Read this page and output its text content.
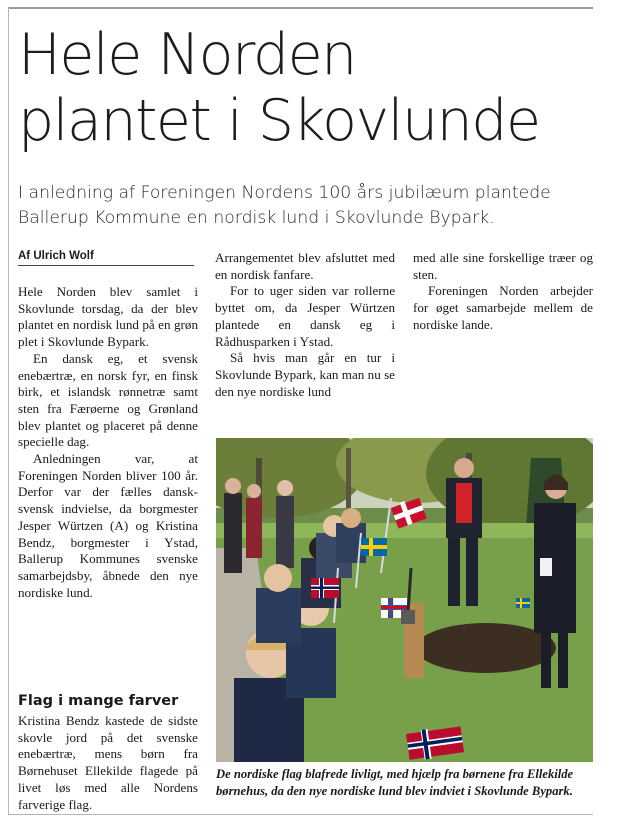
Hele Norden
plantet i Skovlunde

I anledning af Foreningen Nordens 100 års jubilæum plantede Ballerup Kommune en nordisk lund i Skovlunde Bypark.

Af Ulrich Wolf

Hele Norden blev samlet i Skovlunde torsdag, da der blev plantet en nordisk lund på en grøn plet i Skovlunde Bypark.

En dansk eg, et svensk enebærtræ, en norsk fyr, en finsk birk, et islandsk rønnetræ samt sten fra Færøerne og Grønland blev plantet og placeret på denne specielle dag.

Anledningen var, at Foreningen Norden bliver 100 år. Derfor var der fælles dansk-svensk indvielse, da borgmester Jesper Würtzen (A) og Kristina Bendz, borgmester i Ystad, Ballerup Kommunes svenske samarbejdsby, åbnede den nye nordiske lund.

Flag i mange farver

Kristina Bendz kastede de sidste skovle jord på det svenske enebærtræ, mens børn fra Børnehuset Ellekilde flagede på livet løs med alle Nordens farverige flag.

Arrangementet blev afsluttet med en nordisk fanfare.

For to uger siden var rollerne byttet om, da Jesper Würtzen plantede en dansk eg i Rådhusparken i Ystad.

Så hvis man går en tur i Skovlunde Bypark, kan man nu se den nye nordiske lund

med alle sine forskellige træer og sten.

Foreningen Norden arbejder for øget samarbejde mellem de nordiske lande.

De nordiske flag blafrede livligt, med hjælp fra børnene fra Ellekilde børnehus, da den nye nordiske lund blev indviet i Skovlunde Bypark.
